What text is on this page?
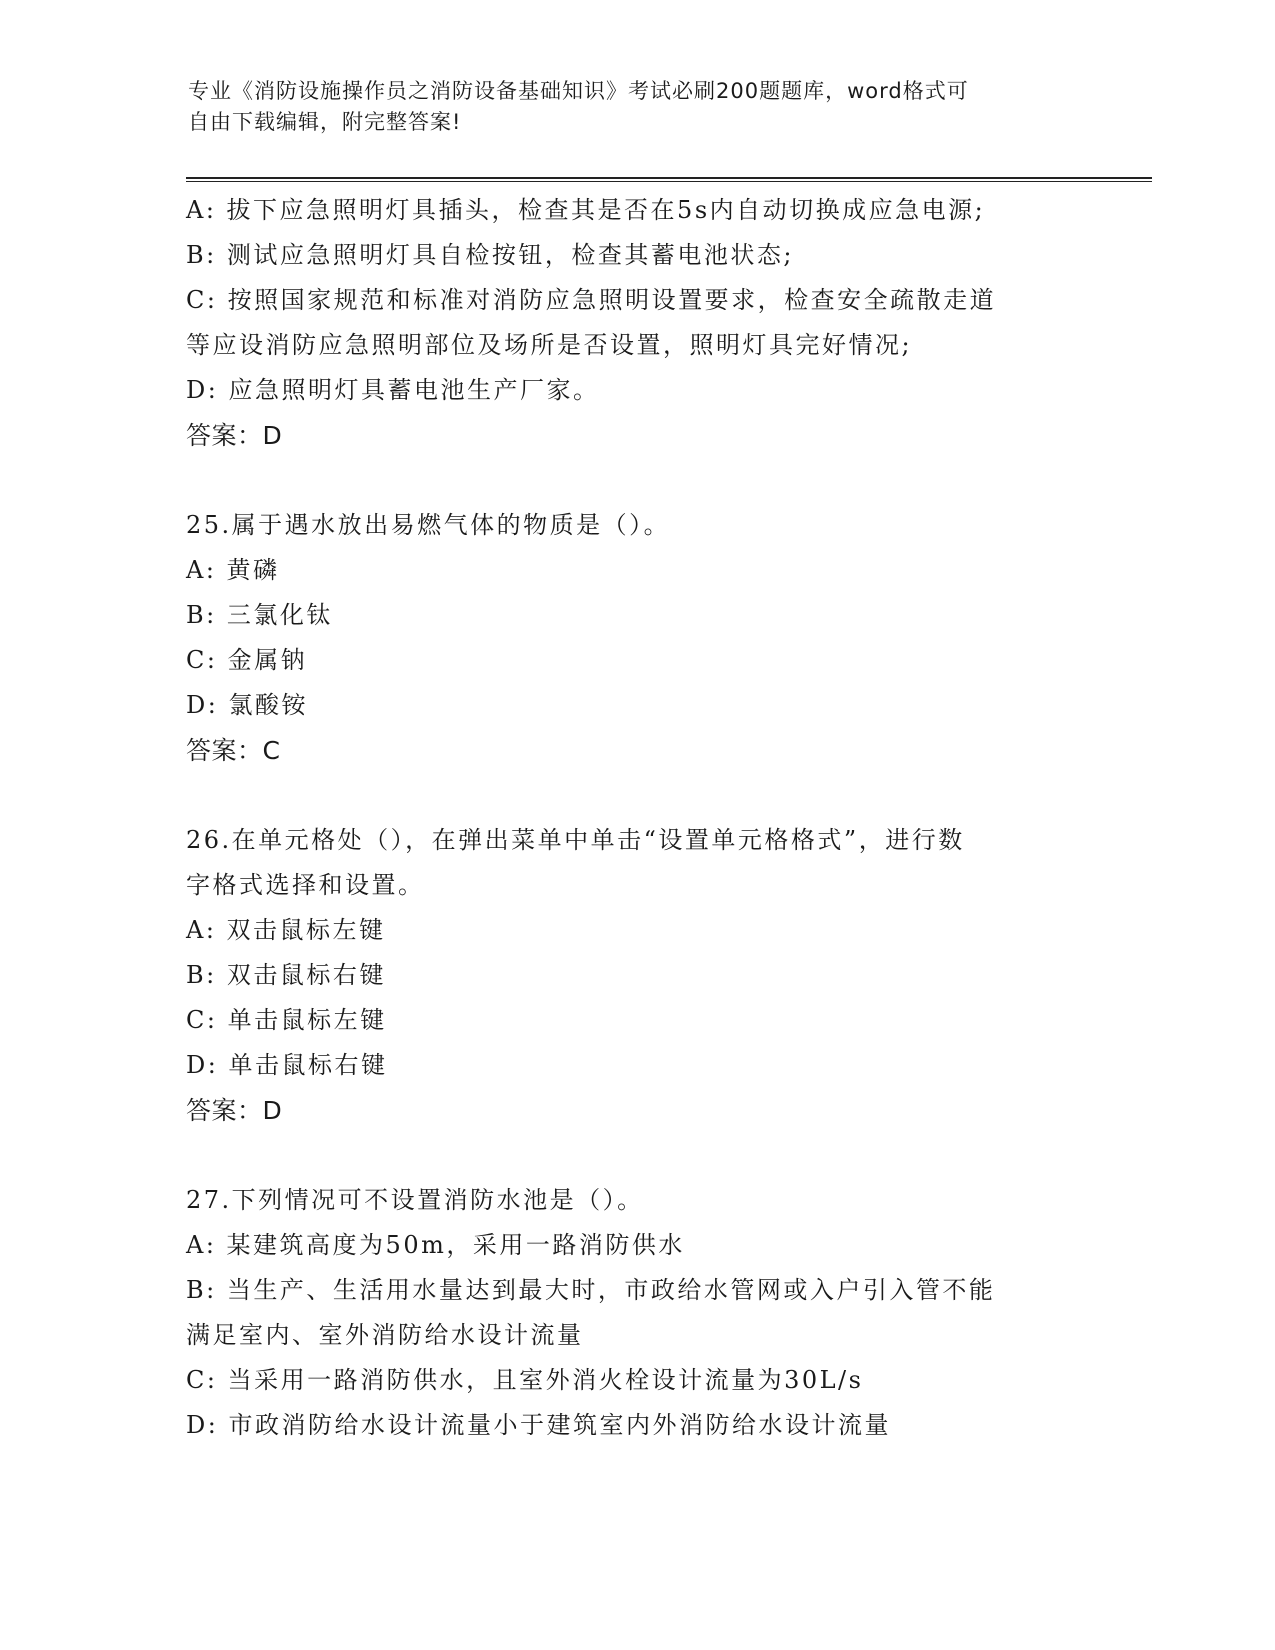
专业《消防设施操作员之消防设备基础知识》考试必刷200题题库，word格式可
自由下载编辑，附完整答案!
A: 拔下应急照明灯具插头，检查其是否在5s内自动切换成应急电源;
B: 测试应急照明灯具自检按钮，检查其蓄电池状态;
C: 按照国家规范和标准对消防应急照明设置要求，检查安全疏散走道
等应设消防应急照明部位及场所是否设置，照明灯具完好情况;
D: 应急照明灯具蓄电池生产厂家。
答案：D
25.属于遇水放出易燃气体的物质是（）。
A: 黄磷
B: 三氯化钛
C: 金属钠
D: 氯酸铵
答案：C
26.在单元格处（），在弹出菜单中单击“设置单元格格式”，进行数
字格式选择和设置。
A: 双击鼠标左键
B: 双击鼠标右键
C: 单击鼠标左键
D: 单击鼠标右键
答案：D
27.下列情况可不设置消防水池是（）。
A: 某建筑高度为50m，采用一路消防供水
B: 当生产、生活用水量达到最大时，市政给水管网或入户引入管不能
满足室内、室外消防给水设计流量
C: 当采用一路消防供水，且室外消火栓设计流量为30L/s
D: 市政消防给水设计流量小于建筑室内外消防给水设计流量
